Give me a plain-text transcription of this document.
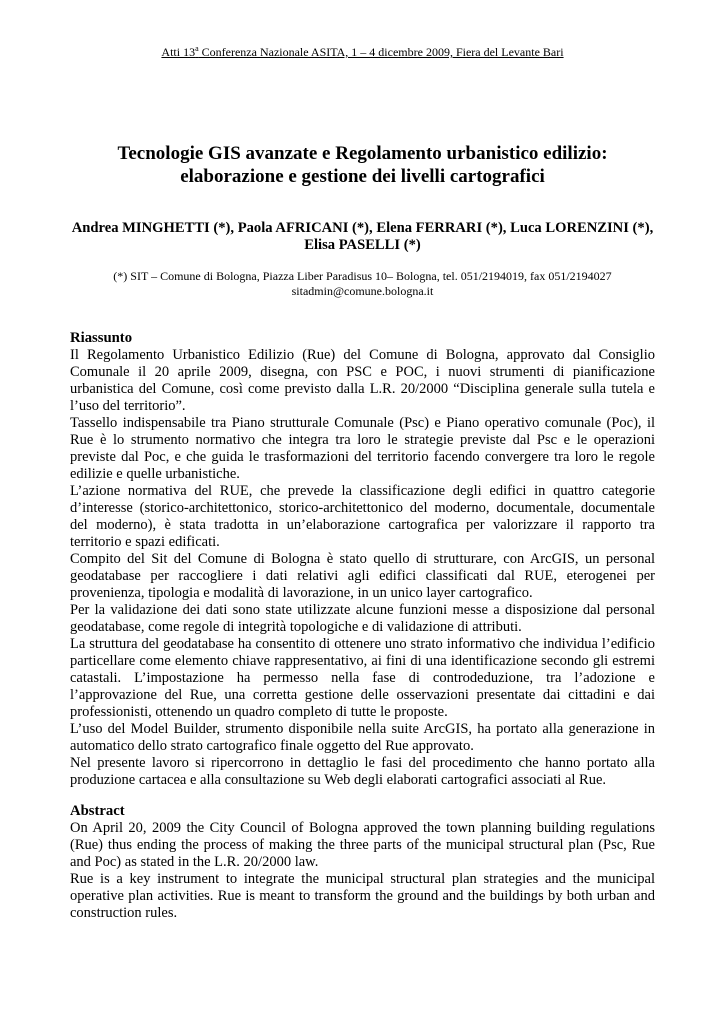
Atti 13$^a$ Conferenza Nazionale ASITA, 1 – 4 dicembre 2009, Fiera del Levante Bari
Tecnologie GIS avanzate e Regolamento urbanistico edilizio:
elaborazione e gestione dei livelli cartografici
Andrea MINGHETTI (*), Paola AFRICANI (*), Elena FERRARI (*), Luca LORENZINI (*),
Elisa PASELLI (*)
(*) SIT – Comune di Bologna, Piazza Liber Paradisus 10– Bologna, tel. 051/2194019, fax 051/2194027
sitadmin@comune.bologna.it

Riassunto

Il Regolamento Urbanistico Edilizio (Rue) del Comune di Bologna, approvato dal Consiglio
Comunale il 20 aprile 2009, disegna, con PSC e POC, i nuovi strumenti di pianificazione
urbanistica del Comune, così come previsto dalla L.R. 20/2000 “Disciplina generale sulla tutela e
l’uso del territorio”.

Tassello indispensabile tra Piano strutturale Comunale (Psc) e Piano operativo comunale (Poc), il
Rue è lo strumento normativo che integra tra loro le strategie previste dal Psc e le operazioni
previste dal Poc, e che guida le trasformazioni del territorio facendo convergere tra loro le regole
edilizie e quelle urbanistiche.

L’azione normativa del RUE, che prevede la classificazione degli edifici in quattro categorie
d’interesse (storico-architettonico, storico-architettonico del moderno, documentale, documentale
del moderno), è stata tradotta in un’elaborazione cartografica per valorizzare il rapporto tra
territorio e spazi edificati.

Compito del Sit del Comune di Bologna è stato quello di strutturare, con ArcGIS, un personal
geodatabase per raccogliere i dati relativi agli edifici classificati dal RUE, eterogenei per
provenienza, tipologia e modalità di lavorazione, in un unico layer cartografico.

Per la validazione dei dati sono state utilizzate alcune funzioni messe a disposizione dal personal
geodatabase, come regole di integrità topologiche e di validazione di attributi.

La struttura del geodatabase ha consentito di ottenere uno strato informativo che individua l’edificio
particellare come elemento chiave rappresentativo, ai fini di una identificazione secondo gli estremi
catastali. L’impostazione ha permesso nella fase di controdeduzione, tra l’adozione e
l’approvazione del Rue, una corretta gestione delle osservazioni presentate dai cittadini e dai
professionisti, ottenendo un quadro completo di tutte le proposte.

L’uso del Model Builder, strumento disponibile nella suite ArcGIS, ha portato alla generazione in
automatico dello strato cartografico finale oggetto del Rue approvato.

Nel presente lavoro si ripercorrono in dettaglio le fasi del procedimento che hanno portato alla
produzione cartacea e alla consultazione su Web degli elaborati cartografici associati al Rue.

Abstract

On April 20, 2009 the City Council of Bologna approved the town planning building regulations
(Rue) thus ending the process of making the three parts of the municipal structural plan (Psc, Rue
and Poc) as stated in the L.R. 20/2000 law.

Rue is a key instrument to integrate the municipal structural plan strategies and the municipal
operative plan activities. Rue is meant to transform the ground and the buildings by both urban and
construction rules.
